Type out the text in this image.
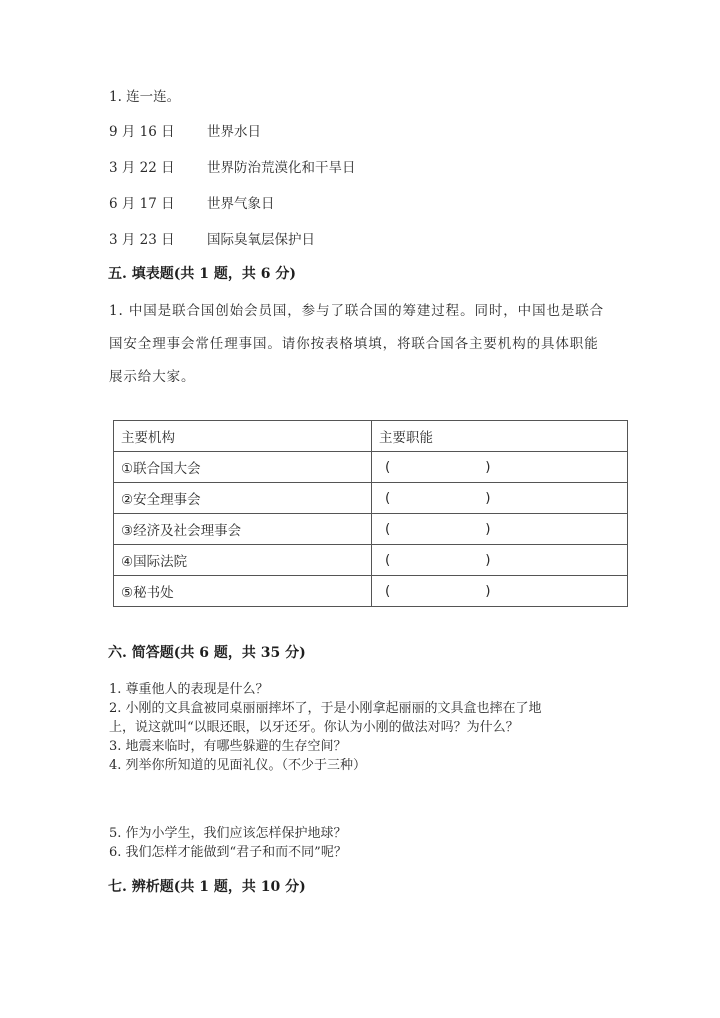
1. 连一连。
9 月 16 日 世界水日
3 月 22 日 世界防治荒漠化和干旱日
6 月 17 日 世界气象日
3 月 23 日 国际臭氧层保护日
五. 填表题(共 1 题，共 6 分)
1. 中国是联合国创始会员国，参与了联合国的筹建过程。同时，中国也是联合
国安全理事会常任理事国。请你按表格填填，将联合国各主要机构的具体职能
展示给大家。
主要机构	主要职能
①联合国大会	( )
②安全理事会	( )
③经济及社会理事会	( )
④国际法院	( )
⑤秘书处	( )
六. 简答题(共 6 题，共 35 分)
1. 尊重他人的表现是什么？
2. 小刚的文具盒被同桌丽丽摔坏了，于是小刚拿起丽丽的文具盒也摔在了地
上，说这就叫“以眼还眼，以牙还牙。你认为小刚的做法对吗？为什么？
3. 地震来临时，有哪些躲避的生存空间？
4. 列举你所知道的见面礼仪。（不少于三种）
5. 作为小学生，我们应该怎样保护地球？
6. 我们怎样才能做到“君子和而不同”呢？
七. 辨析题(共 1 题，共 10 分)
